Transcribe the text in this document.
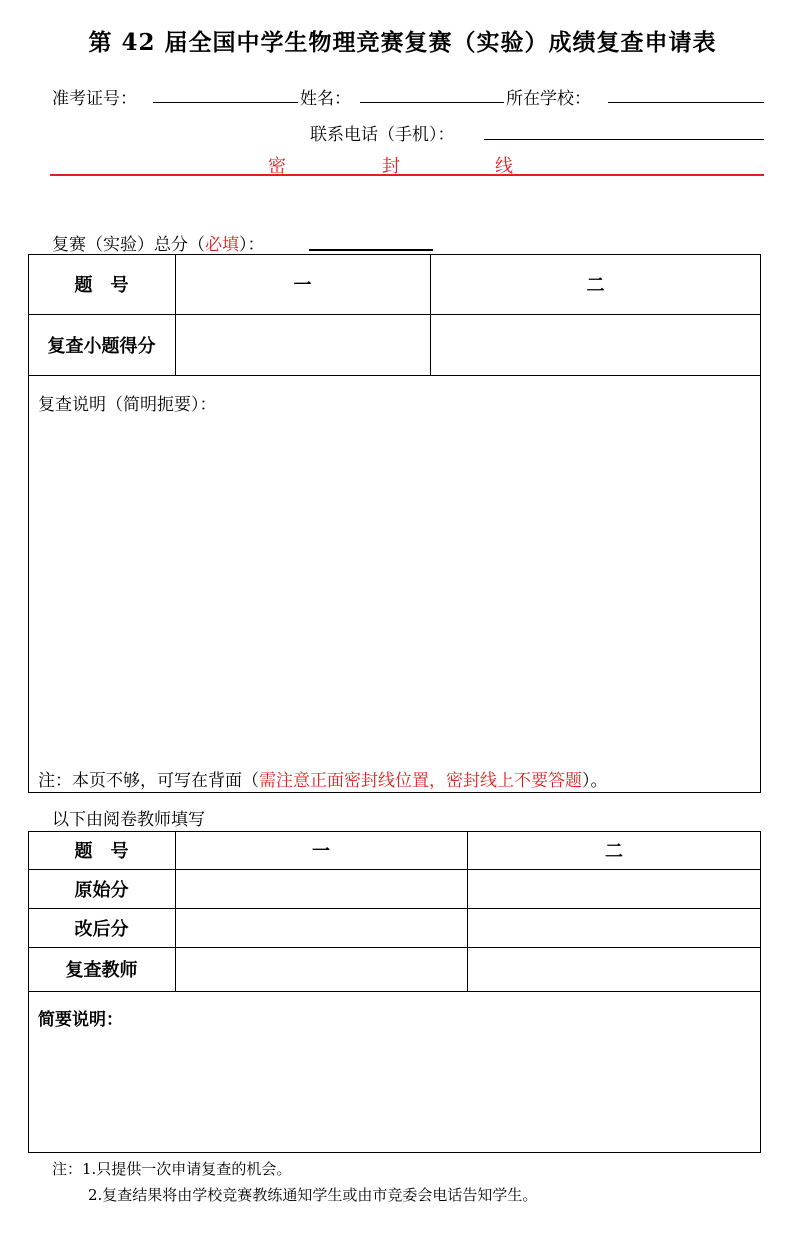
第 42 届全国中学生物理竞赛复赛（实验）成绩复查申请表
准考证号：	姓名：	所在学校：
联系电话（手机）：
密	封	线
复赛（实验）总分（必填）：
题　号	一	二
复查小题得分
复查说明（简明扼要）：
注：本页不够，可写在背面（需注意正面密封线位置，密封线上不要答题）。
以下由阅卷教师填写
题　号	一	二
原始分
改后分
复查教师
简要说明：
注：1.只提供一次申请复查的机会。
2.复查结果将由学校竞赛教练通知学生或由市竞委会电话告知学生。
